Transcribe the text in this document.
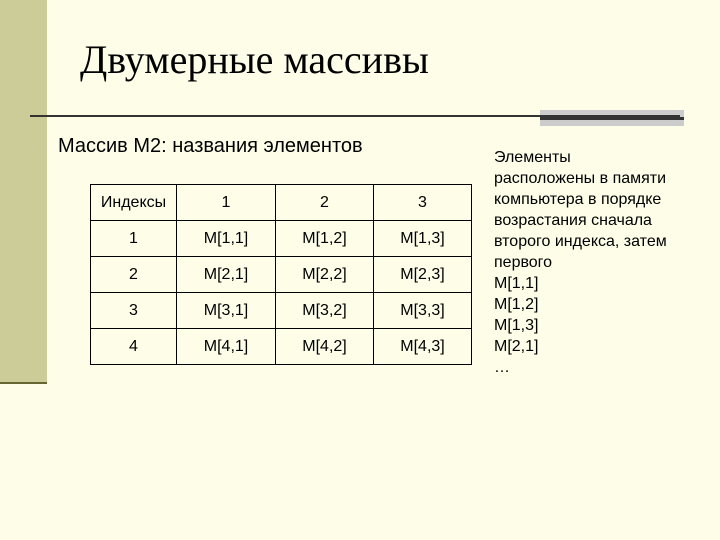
Двумерные массивы
Массив М2: названия элементов
Индексы	1	2	3
1	М[1,1]	М[1,2]	М[1,3]
2	М[2,1]	М[2,2]	М[2,3]
3	М[3,1]	М[3,2]	М[3,3]
4	М[4,1]	М[4,2]	М[4,3]
Элементы
расположены в памяти
компьютера в порядке
возрастания сначала
второго индекса, затем
первого
М[1,1]
М[1,2]
М[1,3]
М[2,1]
…
